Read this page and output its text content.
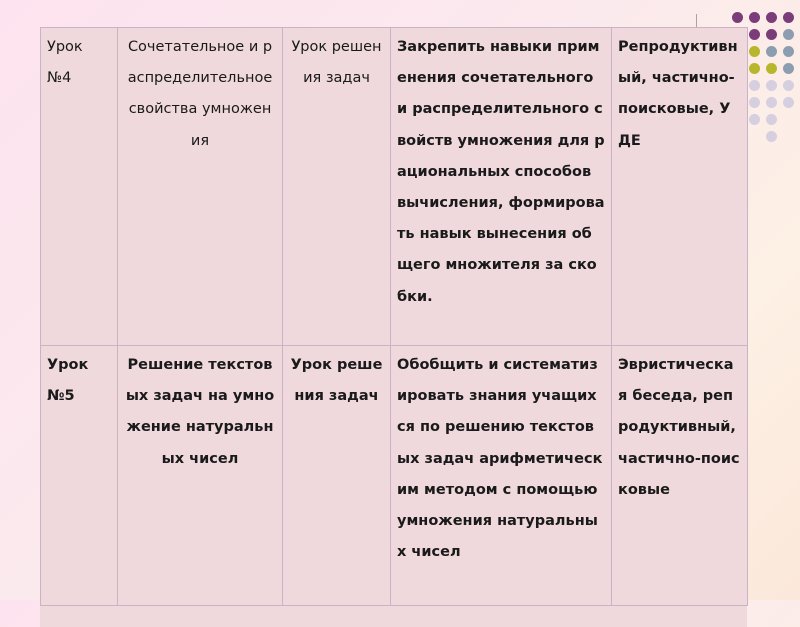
Урок №4	Сочетательное и распределительное свойства умножения	Урок решения задач	Закрепить навыки применения сочетательного и распределительного свойств умножения для рациональных способов вычисления, формировать навык вынесения общего множителя за скобки.	Репродуктивный, частично-поисковые, УДЕ
Урок №5	Решение текстовых задач на умножение натуральных чисел	Урок решения задач	Обобщить и систематизировать знания учащихся по решению текстовых задач арифметическим методом с помощью умножения натуральных чисел	Эвристическая беседа, репродуктивный, частично-поисковые
